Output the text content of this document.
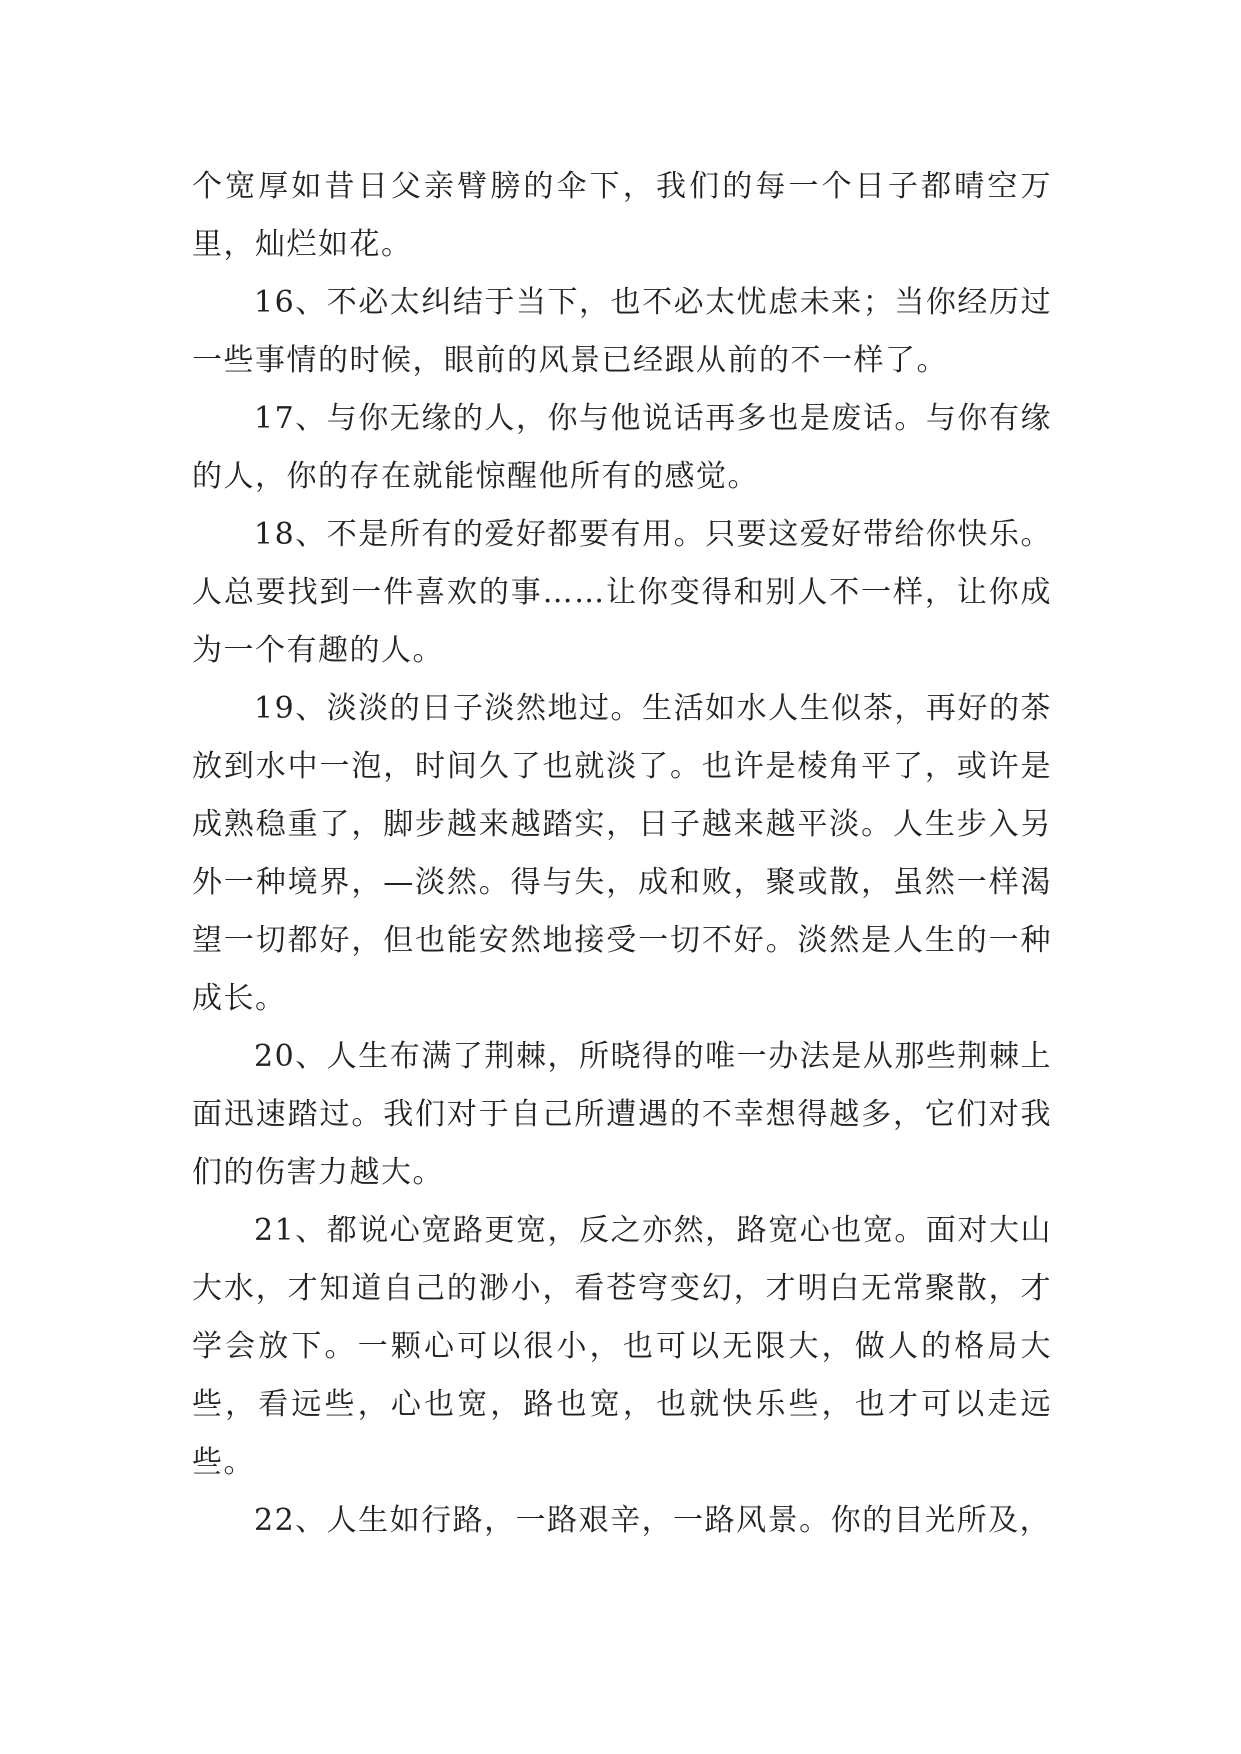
个宽厚如昔日父亲臂膀的伞下，我们的每一个日子都晴空万里，灿烂如花。

16、不必太纠结于当下，也不必太忧虑未来；当你经历过一些事情的时候，眼前的风景已经跟从前的不一样了。

17、与你无缘的人，你与他说话再多也是废话。与你有缘的人，你的存在就能惊醒他所有的感觉。

18、不是所有的爱好都要有用。只要这爱好带给你快乐。人总要找到一件喜欢的事……让你变得和别人不一样，让你成为一个有趣的人。

19、淡淡的日子淡然地过。生活如水人生似茶，再好的茶放到水中一泡，时间久了也就淡了。也许是棱角平了，或许是成熟稳重了，脚步越来越踏实，日子越来越平淡。人生步入另外一种境界，—淡然。得与失，成和败，聚或散，虽然一样渴望一切都好，但也能安然地接受一切不好。淡然是人生的一种成长。

20、人生布满了荆棘，所晓得的唯一办法是从那些荆棘上面迅速踏过。我们对于自己所遭遇的不幸想得越多，它们对我们的伤害力越大。

21、都说心宽路更宽，反之亦然，路宽心也宽。面对大山大水，才知道自己的渺小，看苍穹变幻，才明白无常聚散，才学会放下。一颗心可以很小，也可以无限大，做人的格局大些，看远些，心也宽，路也宽，也就快乐些，也才可以走远些。

22、人生如行路，一路艰辛，一路风景。你的目光所及，
